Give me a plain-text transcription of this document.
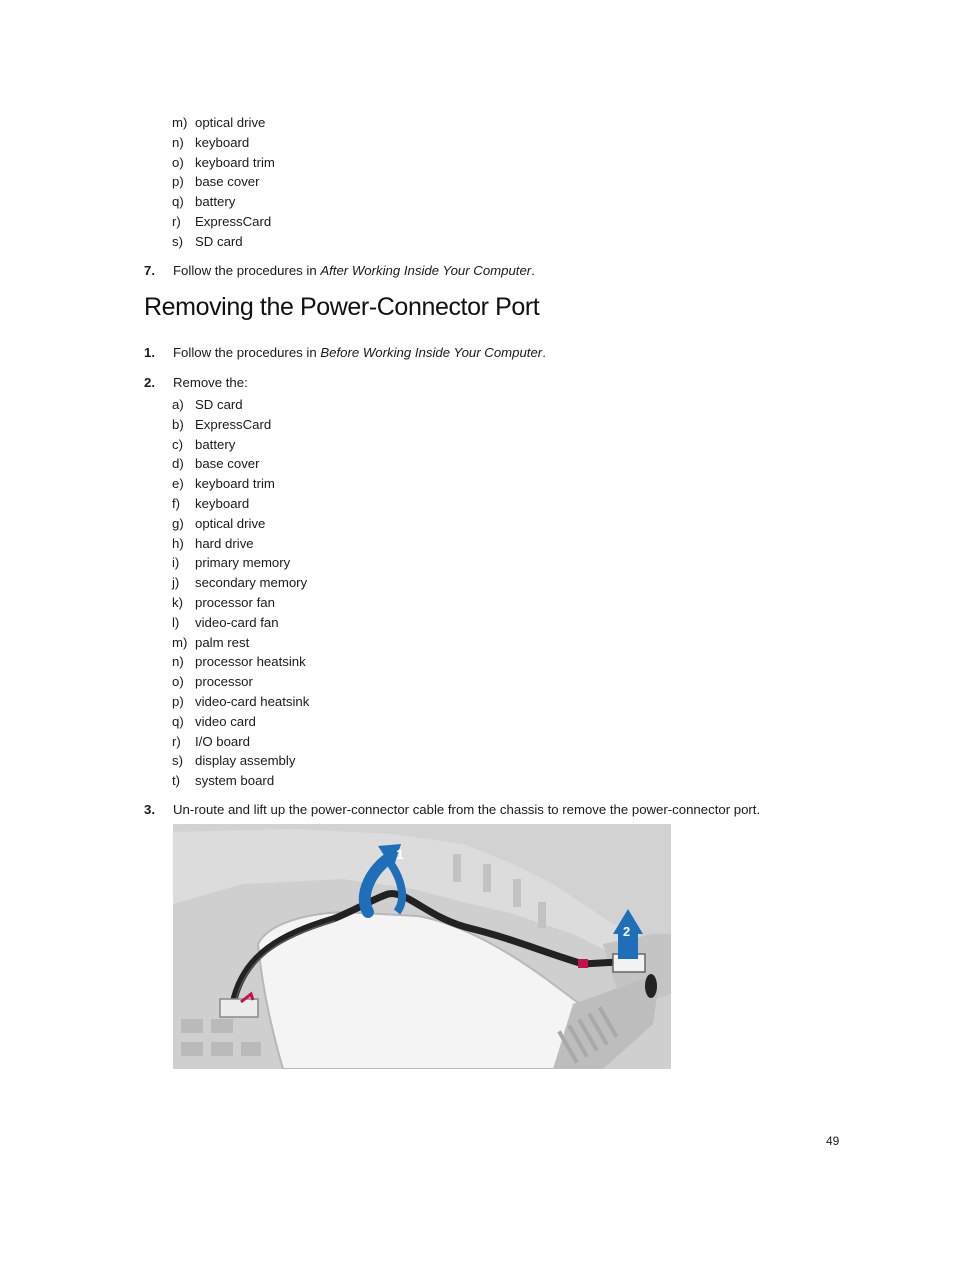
m) optical drive
n) keyboard
o) keyboard trim
p) base cover
q) battery
r) ExpressCard
s) SD card
7. Follow the procedures in After Working Inside Your Computer.
Removing the Power-Connector Port
1. Follow the procedures in Before Working Inside Your Computer.
2. Remove the:
a) SD card
b) ExpressCard
c) battery
d) base cover
e) keyboard trim
f) keyboard
g) optical drive
h) hard drive
i) primary memory
j) secondary memory
k) processor fan
l) video-card fan
m) palm rest
n) processor heatsink
o) processor
p) video-card heatsink
q) video card
r) I/O board
s) display assembly
t) system board
3. Un-route and lift up the power-connector cable from the chassis to remove the power-connector port.
1
2
49
